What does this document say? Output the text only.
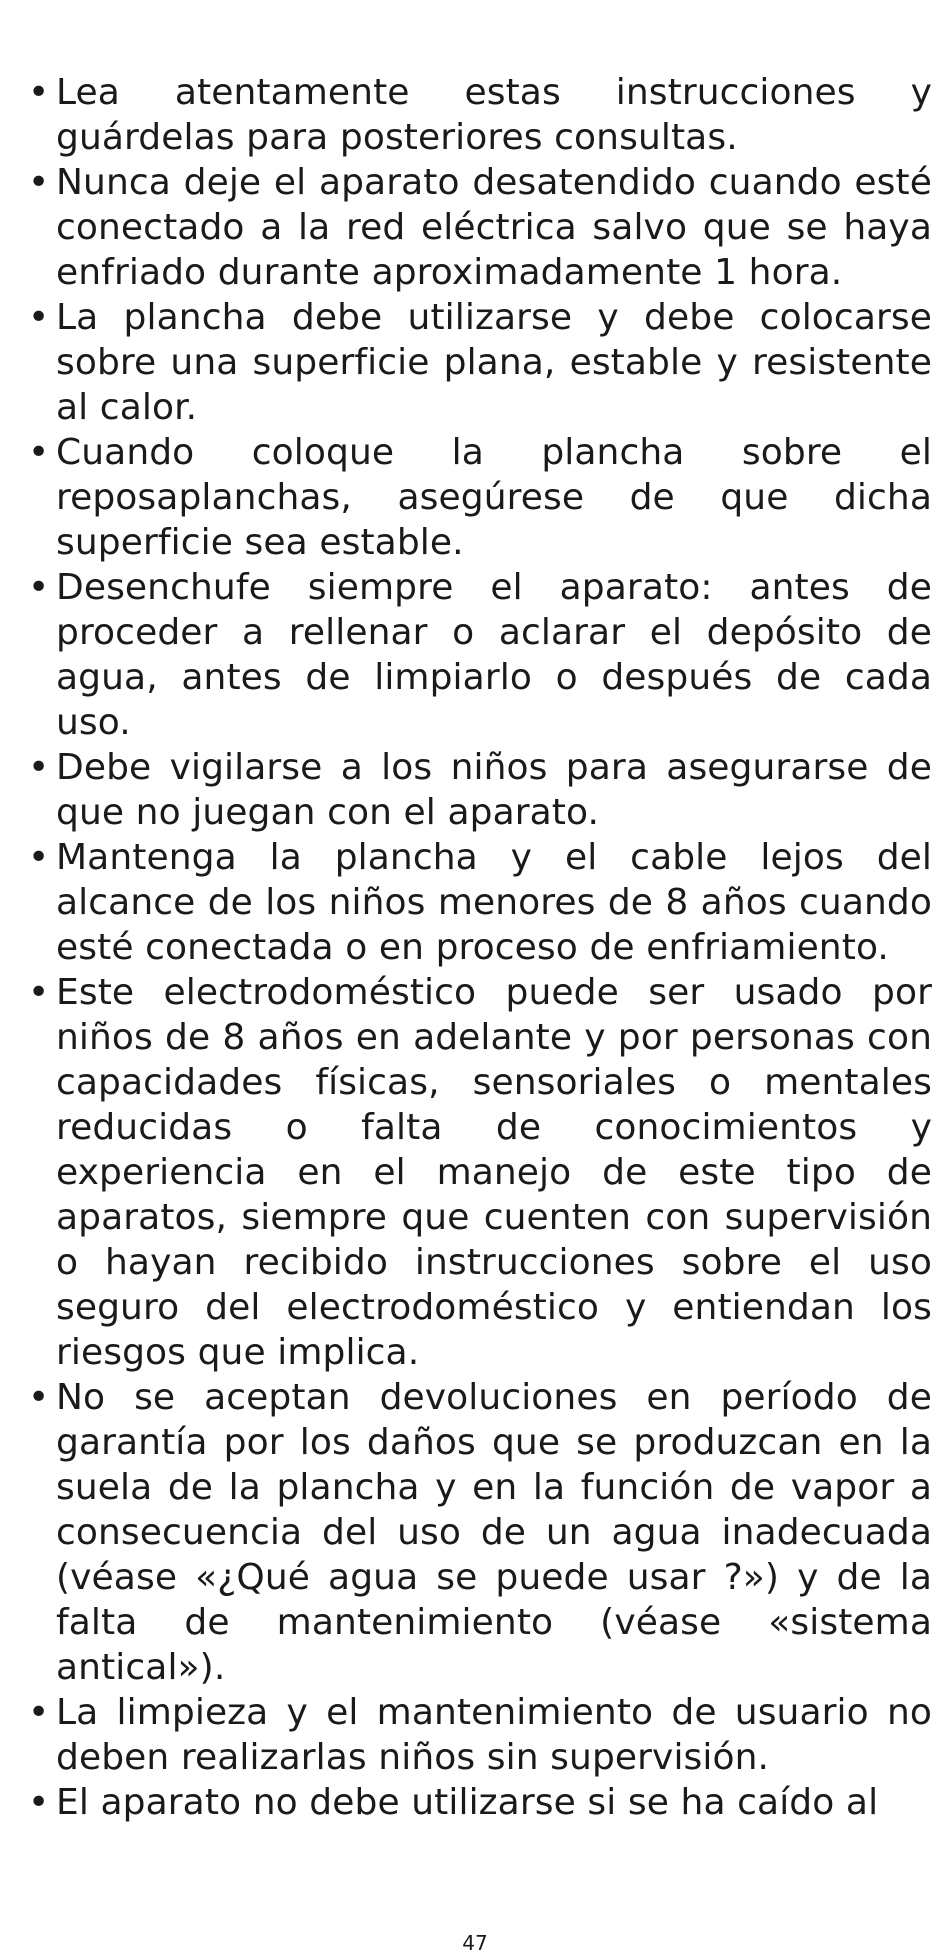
• Lea atentamente estas instrucciones y guárdelas para posteriores consultas.
• Nunca deje el aparato desatendido cuando esté conectado a la red eléctrica salvo que se haya enfriado durante aproximadamente 1 hora.
• La plancha debe utilizarse y debe colocarse sobre una superficie plana, estable y resistente al calor.
• Cuando coloque la plancha sobre el reposaplanchas, asegúrese de que dicha superficie sea estable.
• Desenchufe siempre el aparato: antes de proceder a rellenar o aclarar el depósito de agua, antes de limpiarlo o después de cada uso.
• Debe vigilarse a los niños para asegurarse de que no juegan con el aparato.
• Mantenga la plancha y el cable lejos del alcance de los niños menores de 8 años cuando esté conectada o en proceso de enfriamiento.
• Este electrodoméstico puede ser usado por niños de 8 años en adelante y por personas con capacidades físicas, sensoriales o mentales reducidas o falta de conocimientos y experiencia en el manejo de este tipo de aparatos, siempre que cuenten con supervisión o hayan recibido instrucciones sobre el uso seguro del electrodoméstico y entiendan los riesgos que implica.
• No se aceptan devoluciones en período de garantía por los daños que se produzcan en la suela de la plancha y en la función de vapor a consecuencia del uso de un agua inadecuada (véase «¿Qué agua se puede usar ?») y de la falta de mantenimiento (véase «sistema antical»).
• La limpieza y el mantenimiento de usuario no deben realizarlas niños sin supervisión.
• El aparato no debe utilizarse si se ha caído al
47
